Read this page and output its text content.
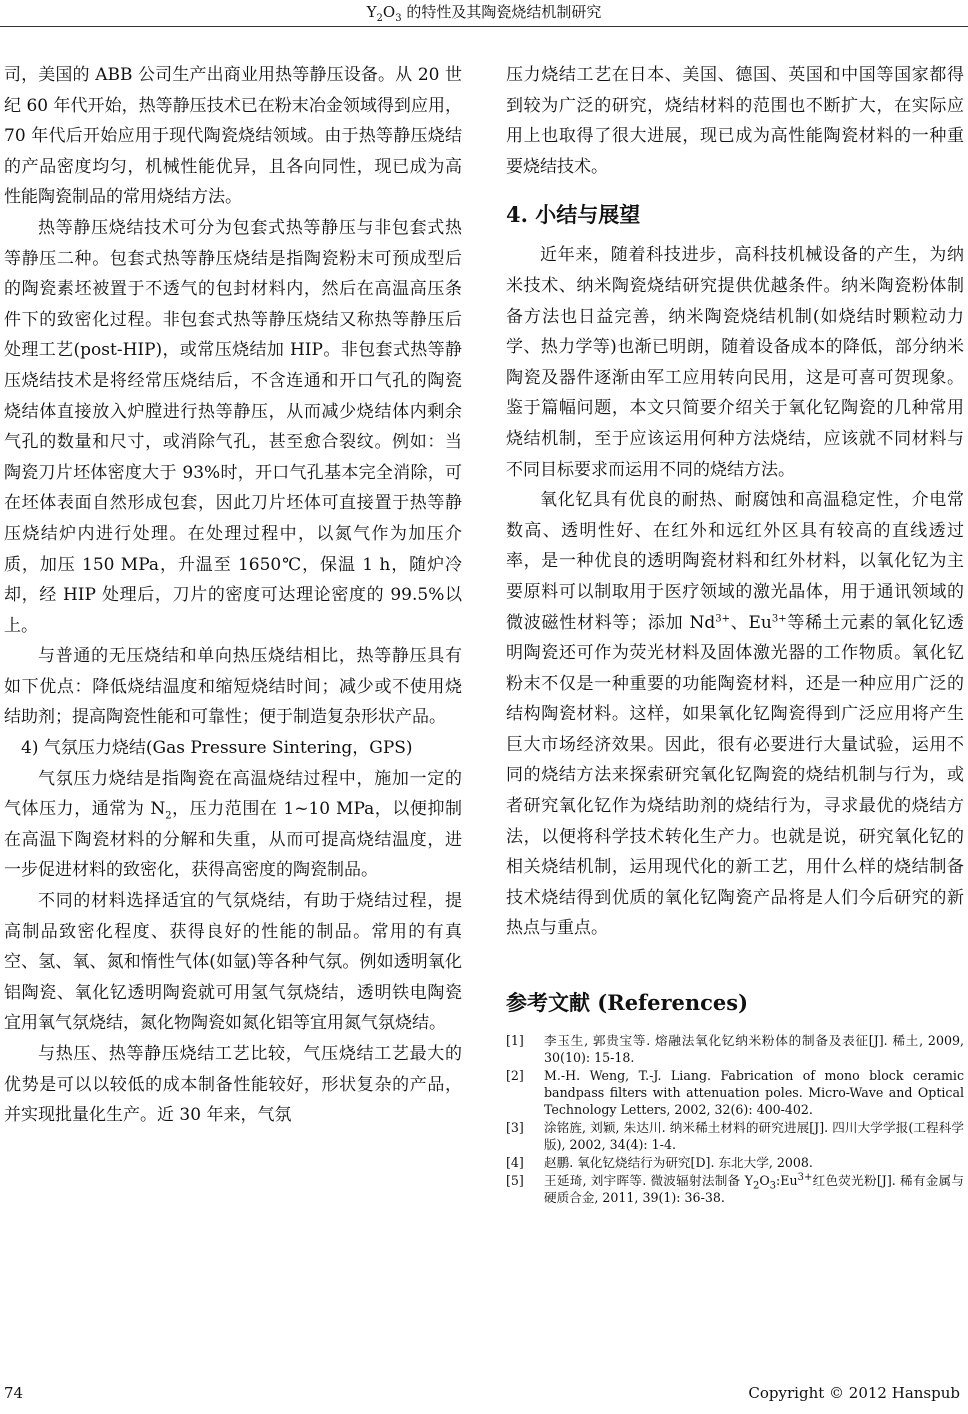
$Y_2O_3$ 的特性及其陶瓷烧结机制研究

司，美国的 ABB 公司生产出商业用热等静压设备。从 20 世纪 60 年代开始，热等静压技术已在粉末冶金领域得到应用，70 年代后开始应用于现代陶瓷烧结领域。由于热等静压烧结的产品密度均匀，机械性能优异，且各向同性，现已成为高性能陶瓷制品的常用烧结方法。

热等静压烧结技术可分为包套式热等静压与非包套式热等静压二种。包套式热等静压烧结是指陶瓷粉末可预成型后的陶瓷素坯被置于不透气的包封材料内，然后在高温高压条件下的致密化过程。非包套式热等静压烧结又称热等静压后处理工艺(post-HIP)，或常压烧结加 HIP。非包套式热等静压烧结技术是将经常压烧结后，不含连通和开口气孔的陶瓷烧结体直接放入炉膛进行热等静压，从而减少烧结体内剩余气孔的数量和尺寸，或消除气孔，甚至愈合裂纹。例如：当陶瓷刀片坯体密度大于 93%时，开口气孔基本完全消除，可在坯体表面自然形成包套，因此刀片坯体可直接置于热等静压烧结炉内进行处理。在处理过程中，以氮气作为加压介质，加压 150 MPa，升温至 1650℃，保温 1 h，随炉冷却，经 HIP 处理后，刀片的密度可达理论密度的 99.5%以上。

与普通的无压烧结和单向热压烧结相比，热等静压具有如下优点：降低烧结温度和缩短烧结时间；减少或不使用烧结助剂；提高陶瓷性能和可靠性；便于制造复杂形状产品。

4) 气氛压力烧结(Gas Pressure Sintering，GPS)

气氛压力烧结是指陶瓷在高温烧结过程中，施加一定的气体压力，通常为 $N_2$，压力范围在 1~10 MPa，以便抑制在高温下陶瓷材料的分解和失重，从而可提高烧结温度，进一步促进材料的致密化，获得高密度的陶瓷制品。

不同的材料选择适宜的气氛烧结，有助于烧结过程，提高制品致密化程度、获得良好的性能的制品。常用的有真空、氢、氧、氮和惰性气体(如氩)等各种气氛。例如透明氧化铝陶瓷、氧化钇透明陶瓷就可用氢气氛烧结，透明铁电陶瓷宜用氧气氛烧结，氮化物陶瓷如氮化铝等宜用氮气氛烧结。

与热压、热等静压烧结工艺比较，气压烧结工艺最大的优势是可以以较低的成本制备性能较好，形状复杂的产品，并实现批量化生产。近 30 年来，气氛

压力烧结工艺在日本、美国、德国、英国和中国等国家都得到较为广泛的研究，烧结材料的范围也不断扩大，在实际应用上也取得了很大进展，现已成为高性能陶瓷材料的一种重要烧结技术。

4. 小结与展望

近年来，随着科技进步，高科技机械设备的产生，为纳米技术、纳米陶瓷烧结研究提供优越条件。纳米陶瓷粉体制备方法也日益完善，纳米陶瓷烧结机制(如烧结时颗粒动力学、热力学等)也渐已明朗，随着设备成本的降低，部分纳米陶瓷及器件逐渐由军工应用转向民用，这是可喜可贺现象。鉴于篇幅问题，本文只简要介绍关于氧化钇陶瓷的几种常用烧结机制，至于应该运用何种方法烧结，应该就不同材料与不同目标要求而运用不同的烧结方法。

氧化钇具有优良的耐热、耐腐蚀和高温稳定性，介电常数高、透明性好、在红外和远红外区具有较高的直线透过率，是一种优良的透明陶瓷材料和红外材料，以氧化钇为主要原料可以制取用于医疗领域的激光晶体，用于通讯领域的微波磁性材料等；添加 $Nd^{3+}$、$Eu^{3+}$等稀土元素的氧化钇透明陶瓷还可作为荧光材料及固体激光器的工作物质。氧化钇粉末不仅是一种重要的功能陶瓷材料，还是一种应用广泛的结构陶瓷材料。这样，如果氧化钇陶瓷得到广泛应用将产生巨大市场经济效果。因此，很有必要进行大量试验，运用不同的烧结方法来探索研究氧化钇陶瓷的烧结机制与行为，或者研究氧化钇作为烧结助剂的烧结行为，寻求最优的烧结方法，以便将科学技术转化生产力。也就是说，研究氧化钇的相关烧结机制，运用现代化的新工艺，用什么样的烧结制备技术烧结得到优质的氧化钇陶瓷产品将是人们今后研究的新热点与重点。

参考文献 (References)
[1]	李玉生, 郭贵宝等. 熔融法氧化钇纳米粉体的制备及表征[J]. 稀土, 2009, 30(10): 15-18.
[2]	M.-H. Weng, T.-J. Liang. Fabrication of mono block ceramic bandpass filters with attenuation poles. Micro-Wave and Optical Technology Letters, 2002, 32(6): 400-402.
[3]	涂铭旌, 刘颖, 朱达川. 纳米稀土材料的研究进展[J]. 四川大学学报(工程科学版), 2002, 34(4): 1-4.
[4]	赵鹏. 氧化钇烧结行为研究[D]. 东北大学, 2008.
[5]	王延琦, 刘宇晖等. 微波辐射法制备 $Y_2O_3:Eu^{3+}$红色荧光粉[J]. 稀有金属与硬质合金, 2011, 39(1): 36-38.
74	Copyright © 2012 Hanspub
